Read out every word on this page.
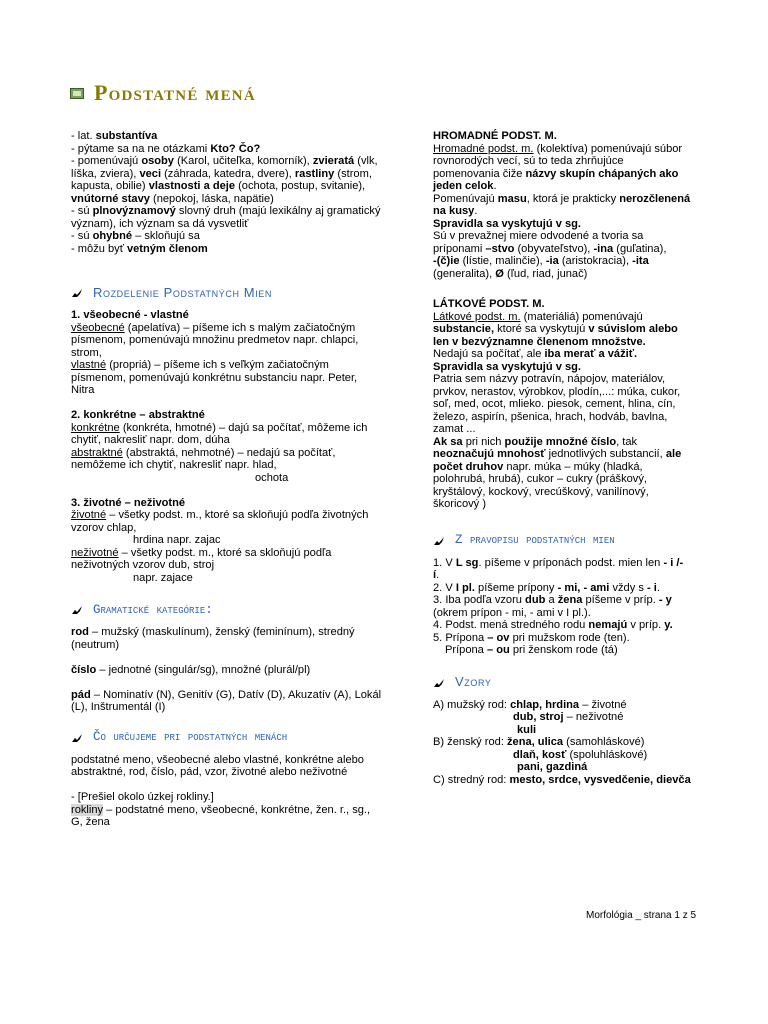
Podstatné mená
- lat. substantíva
- pýtame sa na ne otázkami Kto? Čo?
- pomenúvajú osoby (Karol, učiteľka, komorník), zvieratá (vlk,
líška, zviera), veci (záhrada, katedra, dvere), rastliny (strom,
kapusta, obilie) vlastnosti a deje (ochota, postup, svitanie),
vnútorné stavy (nepokoj, láska, napätie)
- sú plnovýznamový slovný druh (majú lexikálny aj gramatický
význam), ich význam sa dá vysvetliť
- sú ohybné – skloňujú sa
- môžu byť vetným členom
Rozdelenie Podstatných Mien
1. všeobecné - vlastné
všeobecné (apelatíva) – píšeme ich s malým začiatočným
písmenom, pomenúvajú množinu predmetov napr. chlapci,
strom,
vlastné (propriá) – píšeme ich s veľkým začiatočným
písmenom, pomenúvajú konkrétnu substanciu napr. Peter,
Nitra
2. konkrétne – abstraktné
konkrétne (konkréta, hmotné) – dajú sa počítať, môžeme ich
chytiť, nakresliť napr. dom, dúha
abstraktné (abstraktá, nehmotné) – nedajú sa počítať,
nemôžeme ich chytiť, nakresliť napr. hlad,
ochota
3. životné – neživotné
životné – všetky podst. m., ktoré sa skloňujú podľa životných
vzorov chlap,
hrdina napr. zajac
neživotné – všetky podst. m., ktoré sa skloňujú podľa
neživotných vzorov dub, stroj
napr. zajace
Gramatické kategórie:
rod – mužský (maskulínum), ženský (feminínum), stredný
(neutrum)
číslo – jednotné (singulár/sg), množné (plurál/pl)
pád – Nominatív (N), Genitív (G), Datív (D), Akuzatív (A), Lokál
(L), Inštrumentál (I)
Čo určujeme pri podstatných menách
podstatné meno, všeobecné alebo vlastné, konkrétne alebo
abstraktné, rod, číslo, pád, vzor, životné alebo neživotné
- [Prešiel okolo úzkej rokliny.]
rokliny – podstatné meno, všeobecné, konkrétne, žen. r., sg.,
G, žena
HROMADNÉ PODST. M.
Hromadné podst. m. (kolektíva) pomenúvajú súbor
rovnorodých vecí, sú to teda zhrňujúce
pomenovania čiže názvy skupín chápaných ako
jeden celok.
Pomenúvajú masu, ktorá je prakticky nerozčlenená
na kusy.
Spravidla sa vyskytujú v sg.
Sú v prevažnej miere odvodené a tvoria sa
príponami –stvo (obyvateľstvo), -ina (guľatina),
-(č)ie (lístie, malinčie), -ia (aristokracia), -ita
(generalita), Ø (ľud, riad, junač)
LÁTKOVÉ PODST. M.
Látkové podst. m. (materiáliá) pomenúvajú
substancie, ktoré sa vyskytujú v súvislom alebo
len v bezvýznamne členenom množstve.
Nedajú sa počítať, ale iba merať a vážiť.
Spravidla sa vyskytujú v sg.
Patria sem názvy potravín, nápojov, materiálov,
prvkov, nerastov, výrobkov, plodín,...: múka, cukor,
soľ, med, ocot, mlieko. piesok, cement, hlina, cín,
železo, aspirín, pšenica, hrach, hodváb, bavlna,
zamat ...
Ak sa pri nich použije množné číslo, tak
neoznačujú mnohosť jednotlivých substancií, ale
počet druhov napr. múka – múky (hladká,
polohrubá, hrubá), cukor – cukry (práškový,
kryštálový, kockový, vrecúškový, vanilínový,
škoricový )
Z pravopisu podstatných mien
1. V L sg. píšeme v príponách podst. mien len - i /-
í.
2. V I pl. píšeme prípony - mi, - ami vždy s - i.
3. Iba podľa vzoru dub a žena píšeme v príp. - y
(okrem prípon - mi, - ami v I pl.).
4. Podst. mená stredného rodu nemajú v príp. y.
5. Prípona – ov pri mužskom rode (ten).
Prípona – ou pri ženskom rode (tá)
Vzory
A) mužský rod: chlap, hrdina – životné
dub, stroj – neživotné
kuli
B) ženský rod: žena, ulica (samohláskové)
dlaň, kosť (spoluhláskové)
pani, gazdiná
C) stredný rod: mesto, srdce, vysvedčenie, dievča
Morfológia _ strana 1 z 5
